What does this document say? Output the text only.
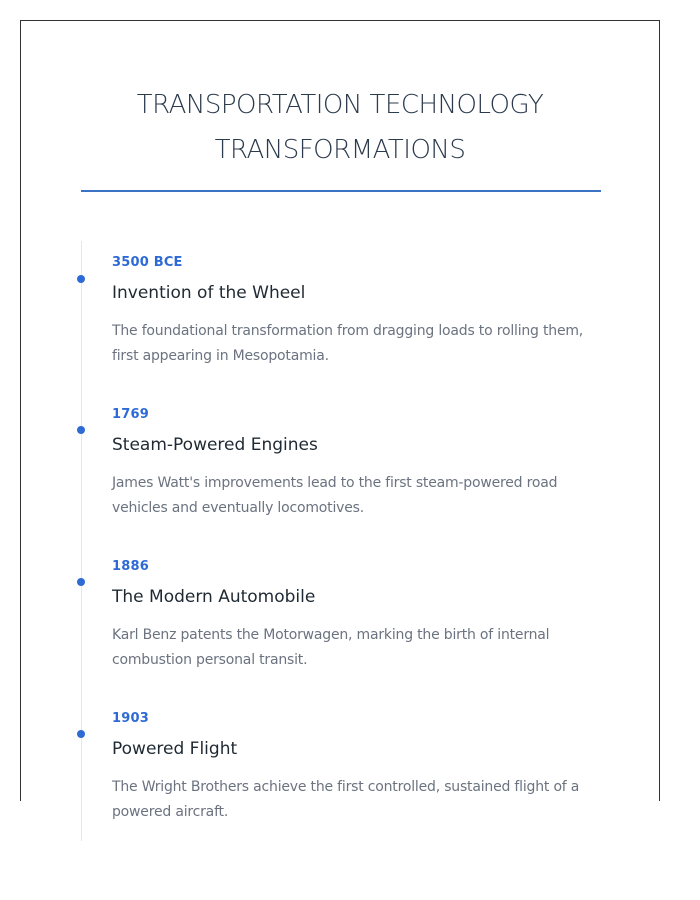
TRANSPORTATION TECHNOLOGY
TRANSFORMATIONS
3500 BCE
Invention of the Wheel
The foundational transformation from dragging loads to rolling them, first appearing in Mesopotamia.
1769
Steam-Powered Engines
James Watt's improvements lead to the first steam-powered road vehicles and eventually locomotives.
1886
The Modern Automobile
Karl Benz patents the Motorwagen, marking the birth of internal combustion personal transit.
1903
Powered Flight
The Wright Brothers achieve the first controlled, sustained flight of a powered aircraft.
